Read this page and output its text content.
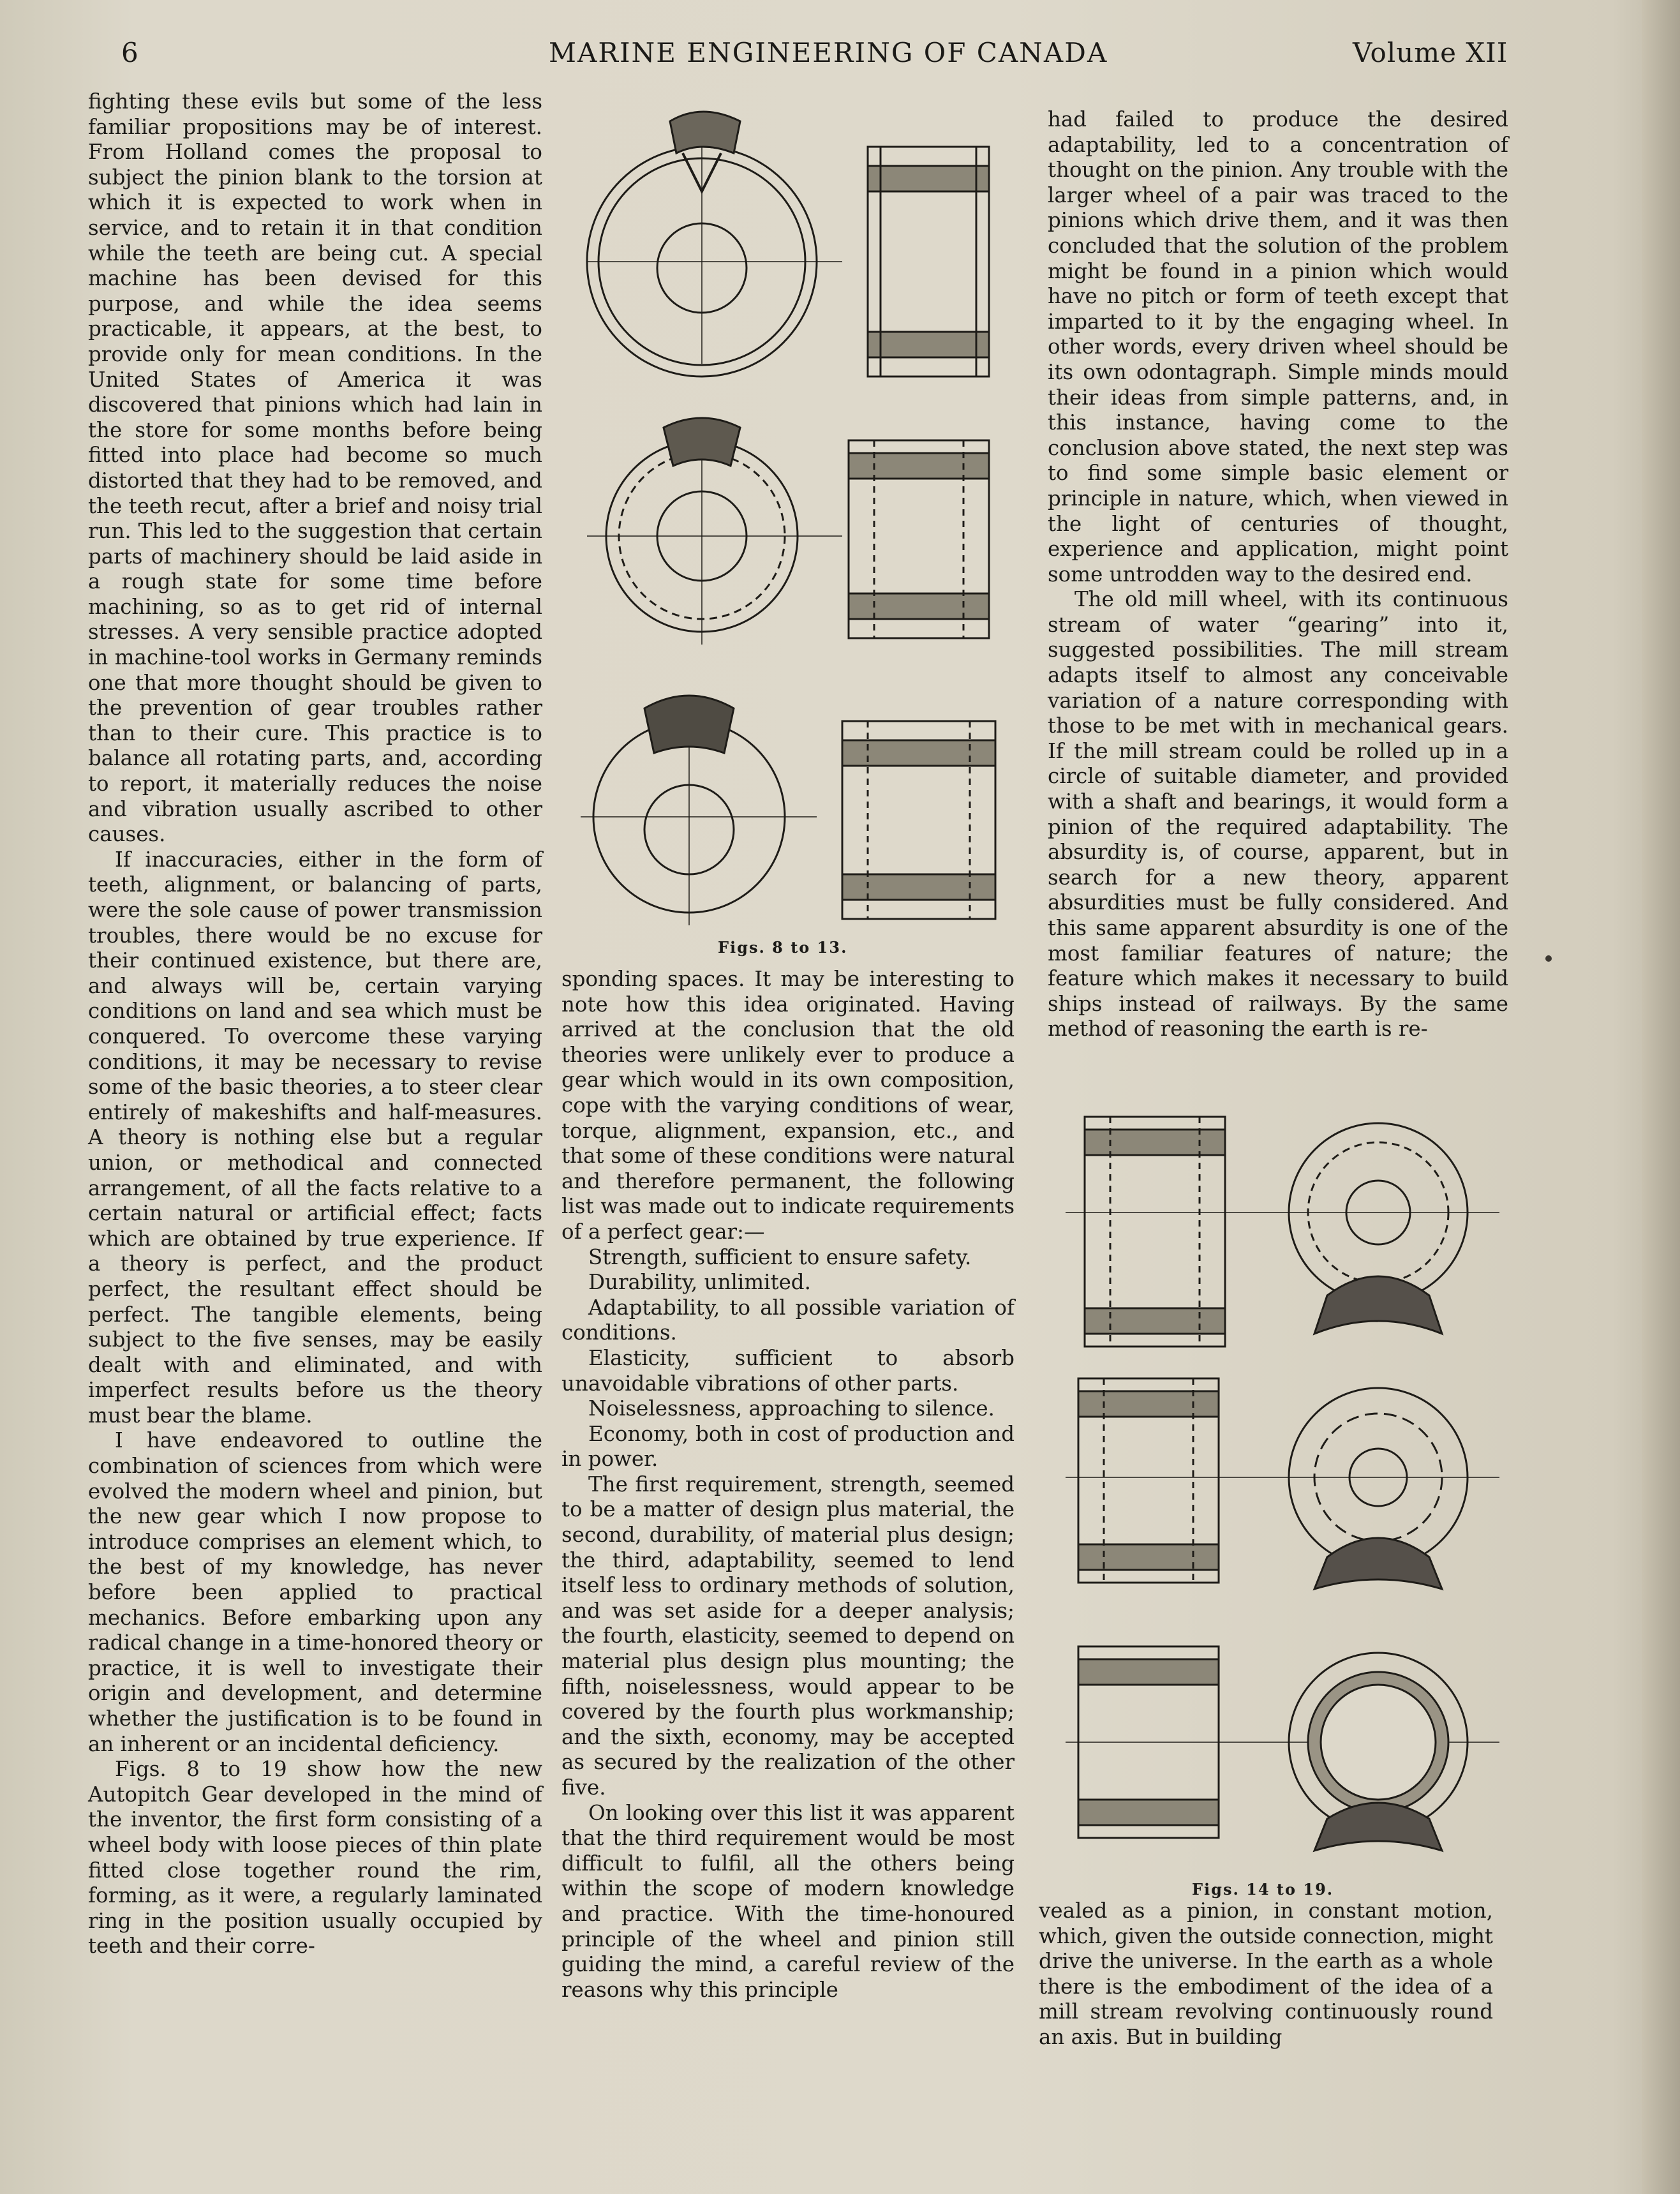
6	MARINE ENGINEERING OF CANADA	Volume XII

fighting these evils but some of the less familiar propositions may be of interest. From Holland comes the proposal to subject the pinion blank to the torsion at which it is expected to work when in service, and to retain it in that condition while the teeth are being cut. A special machine has been devised for this purpose, and while the idea seems practicable, it appears, at the best, to provide only for mean conditions. In the United States of America it was discovered that pinions which had lain in the store for some months before being fitted into place had become so much distorted that they had to be removed, and the teeth recut, after a brief and noisy trial run. This led to the suggestion that certain parts of machinery should be laid aside in a rough state for some time before machining, so as to get rid of internal stresses. A very sensible practice adopted in machine-tool works in Germany reminds one that more thought should be given to the prevention of gear troubles rather than to their cure. This practice is to balance all rotating parts, and, according to report, it materially reduces the noise and vibration usually ascribed to other causes.

If inaccuracies, either in the form of teeth, alignment, or balancing of parts, were the sole cause of power transmission troubles, there would be no excuse for their continued existence, but there are, and always will be, certain varying conditions on land and sea which must be conquered. To overcome these varying conditions, it may be necessary to revise some of the basic theories, a to steer clear entirely of makeshifts and half-measures. A theory is nothing else but a regular union, or methodical and connected arrangement, of all the facts relative to a certain natural or artificial effect; facts which are obtained by true experience. If a theory is perfect, and the product perfect, the resultant effect should be perfect. The tangible elements, being subject to the five senses, may be easily dealt with and eliminated, and with imperfect results before us the theory must bear the blame.

I have endeavored to outline the combination of sciences from which were evolved the modern wheel and pinion, but the new gear which I now propose to introduce comprises an element which, to the best of my knowledge, has never before been applied to practical mechanics. Before embarking upon any radical change in a time-honored theory or practice, it is well to investigate their origin and development, and determine whether the justification is to be found in an inherent or an incidental deficiency.

Figs. 8 to 19 show how the new Autopitch Gear developed in the mind of the inventor, the first form consisting of a wheel body with loose pieces of thin plate fitted close together round the rim, forming, as it were, a regularly laminated ring in the position usually occupied by teeth and their corre-

Figs. 8 to 13.

sponding spaces. It may be interesting to note how this idea originated. Having arrived at the conclusion that the old theories were unlikely ever to produce a gear which would in its own composition, cope with the varying conditions of wear, torque, alignment, expansion, etc., and that some of these conditions were natural and therefore permanent, the following list was made out to indicate requirements of a perfect gear:—

Strength, sufficient to ensure safety.

Durability, unlimited.

Adaptability, to all possible variation of conditions.

Elasticity, sufficient to absorb unavoidable vibrations of other parts.

Noiselessness, approaching to silence.

Economy, both in cost of production and in power.

The first requirement, strength, seemed to be a matter of design plus material, the second, durability, of material plus design; the third, adaptability, seemed to lend itself less to ordinary methods of solution, and was set aside for a deeper analysis; the fourth, elasticity, seemed to depend on material plus design plus mounting; the fifth, noiselessness, would appear to be covered by the fourth plus workmanship; and the sixth, economy, may be accepted as secured by the realization of the other five.

On looking over this list it was apparent that the third requirement would be most difficult to fulfil, all the others being within the scope of modern knowledge and practice. With the time-honoured principle of the wheel and pinion still guiding the mind, a careful review of the reasons why this principle

had failed to produce the desired adaptability, led to a concentration of thought on the pinion. Any trouble with the larger wheel of a pair was traced to the pinions which drive them, and it was then concluded that the solution of the problem might be found in a pinion which would have no pitch or form of teeth except that imparted to it by the engaging wheel. In other words, every driven wheel should be its own odontagraph. Simple minds mould their ideas from simple patterns, and, in this instance, having come to the conclusion above stated, the next step was to find some simple basic element or principle in nature, which, when viewed in the light of centuries of thought, experience and application, might point some untrodden way to the desired end.

The old mill wheel, with its continuous stream of water “gearing” into it, suggested possibilities. The mill stream adapts itself to almost any conceivable variation of a nature corresponding with those to be met with in mechanical gears. If the mill stream could be rolled up in a circle of suitable diameter, and provided with a shaft and bearings, it would form a pinion of the required adaptability. The absurdity is, of course, apparent, but in search for a new theory, apparent absurdities must be fully considered. And this same apparent absurdity is one of the most familiar features of nature; the feature which makes it necessary to build ships instead of railways. By the same method of reasoning the earth is re-

Figs. 14 to 19.

vealed as a pinion, in constant motion, which, given the outside connection, might drive the universe. In the earth as a whole there is the embodiment of the idea of a mill stream revolving continuously round an axis. But in building
